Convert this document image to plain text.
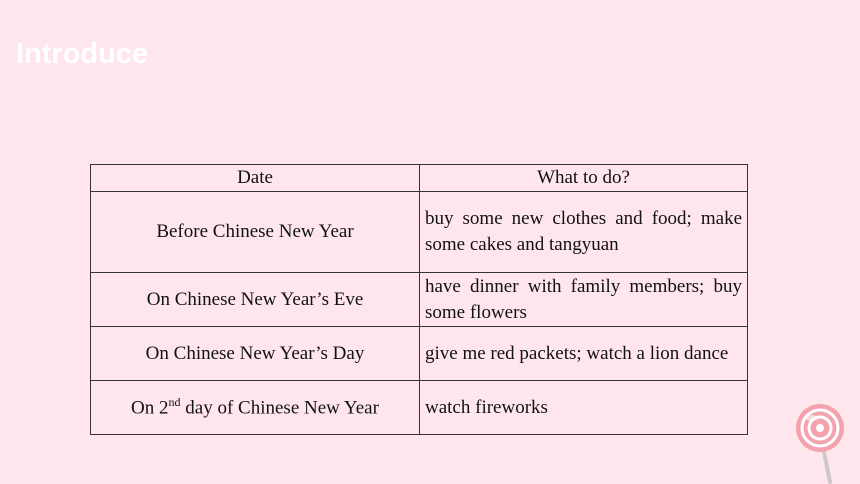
Introduce
Date	What to do?
Before Chinese New Year	buy some new clothes and food; make some cakes and tangyuan
On Chinese New Year’s Eve	have dinner with family members; buy some flowers
On Chinese New Year’s Day	give me red packets; watch a lion dance
On 2nd day of Chinese New Year	watch fireworks
